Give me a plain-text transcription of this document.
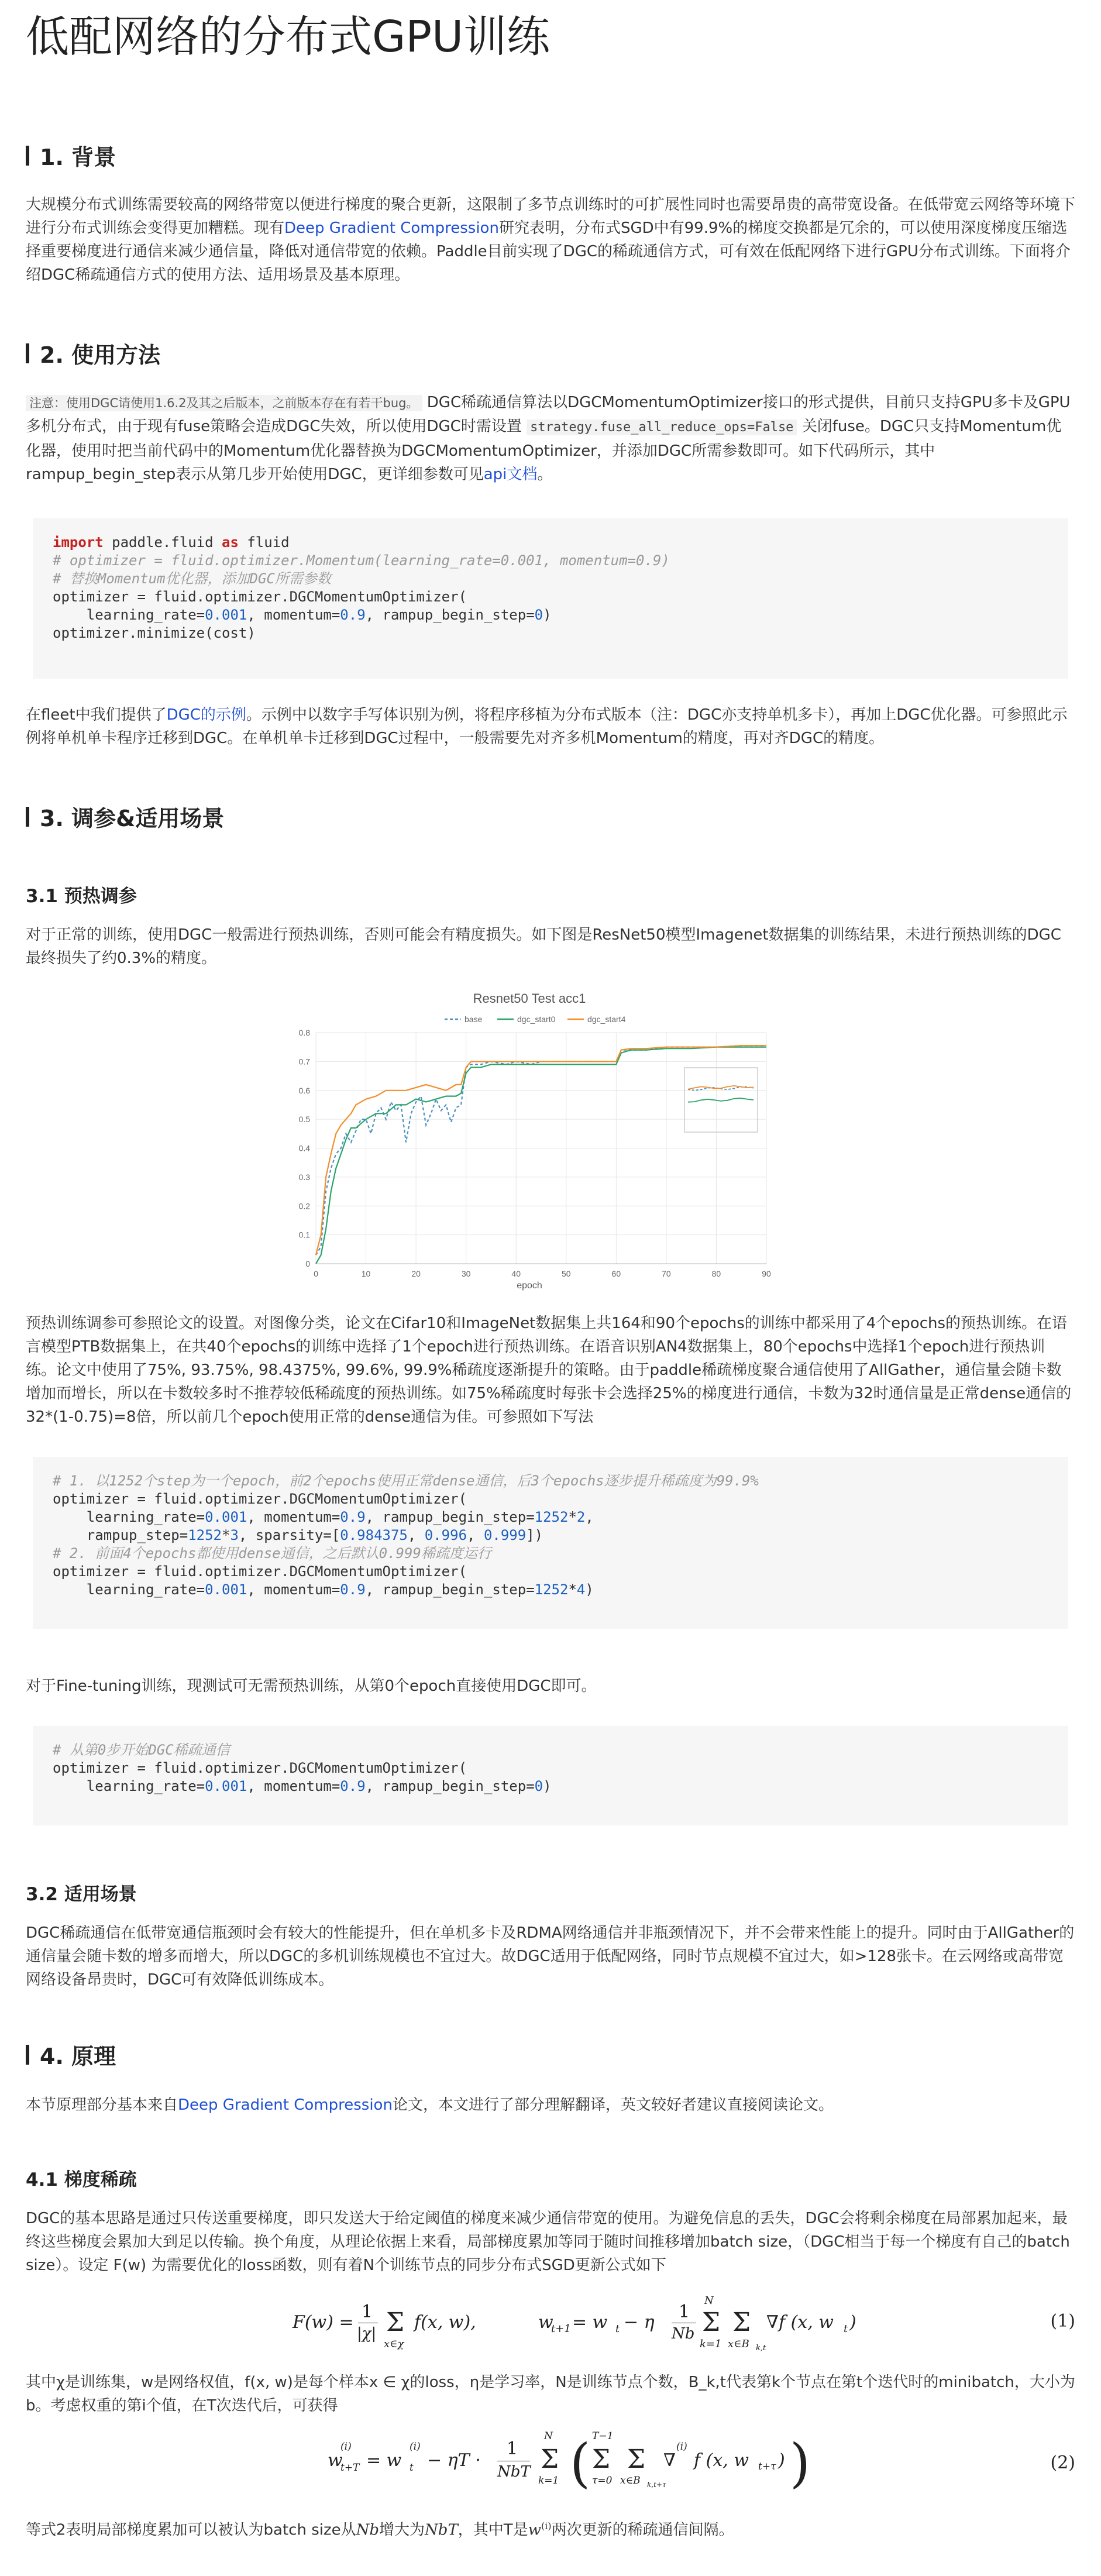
低配网络的分布式GPU训练
1. 背景

大规模分布式训练需要较高的网络带宽以便进行梯度的聚合更新，这限制了多节点训练时的可扩展性同时也需要昂贵的高带宽设备。在低带宽云网络等环境下进行分布式训练会变得更加糟糕。现有Deep Gradient Compression研究表明，分布式SGD中有99.9%的梯度交换都是冗余的，可以使用深度梯度压缩选择重要梯度进行通信来减少通信量，降低对通信带宽的依赖。Paddle目前实现了DGC的稀疏通信方式，可有效在低配网络下进行GPU分布式训练。下面将介绍DGC稀疏通信方式的使用方法、适用场景及基本原理。

2. 使用方法

注意：使用DGC请使用1.6.2及其之后版本，之前版本存在有若干bug。 DGC稀疏通信算法以DGCMomentumOptimizer接口的形式提供，目前只支持GPU多卡及GPU多机分布式，由于现有fuse策略会造成DGC失效，所以使用DGC时需设置 strategy.fuse_all_reduce_ops=False 关闭fuse。DGC只支持Momentum优化器，使用时把当前代码中的Momentum优化器替换为DGCMomentumOptimizer，并添加DGC所需参数即可。如下代码所示，其中rampup_begin_step表示从第几步开始使用DGC，更详细参数可见api文档。

import paddle.fluid as fluid
# optimizer = fluid.optimizer.Momentum(learning_rate=0.001, momentum=0.9)
# 替换Momentum优化器，添加DGC所需参数
optimizer = fluid.optimizer.DGCMomentumOptimizer(
learning_rate=0.001, momentum=0.9, rampup_begin_step=0)
optimizer.minimize(cost)

在fleet中我们提供了DGC的示例。示例中以数字手写体识别为例，将程序移植为分布式版本（注：DGC亦支持单机多卡），再加上DGC优化器。可参照此示例将单机单卡程序迁移到DGC。在单机单卡迁移到DGC过程中，一般需要先对齐多机Momentum的精度，再对齐DGC的精度。

3. 调参&适用场景
3.1 预热调参

对于正常的训练，使用DGC一般需进行预热训练，否则可能会有精度损失。如下图是ResNet50模型Imagenet数据集的训练结果，未进行预热训练的DGC最终损失了约0.3%的精度。

Resnet50 Test acc1
base	dgc_start0	dgc_start4
0
0.1
0.2
0.3
0.4
0.5
0.6
0.7
0.8
0	10	20	30	40	50	60	70	80	90
epoch

预热训练调参可参照论文的设置。对图像分类，论文在Cifar10和ImageNet数据集上共164和90个epochs的训练中都采用了4个epochs的预热训练。在语言模型PTB数据集上，在共40个epochs的训练中选择了1个epoch进行预热训练。在语音识别AN4数据集上，80个epochs中选择1个epoch进行预热训练。论文中使用了75%, 93.75%, 98.4375%, 99.6%, 99.9%稀疏度逐渐提升的策略。由于paddle稀疏梯度聚合通信使用了AllGather，通信量会随卡数增加而增长，所以在卡数较多时不推荐较低稀疏度的预热训练。如75%稀疏度时每张卡会选择25%的梯度进行通信，卡数为32时通信量是正常dense通信的32*(1-0.75)=8倍，所以前几个epoch使用正常的dense通信为佳。可参照如下写法

# 1. 以1252个step为一个epoch，前2个epochs使用正常dense通信，后3个epochs逐步提升稀疏度为99.9%
optimizer = fluid.optimizer.DGCMomentumOptimizer(
learning_rate=0.001, momentum=0.9, rampup_begin_step=1252*2,
rampup_step=1252*3, sparsity=[0.984375, 0.996, 0.999])
# 2. 前面4个epochs都使用dense通信，之后默认0.999稀疏度运行
optimizer = fluid.optimizer.DGCMomentumOptimizer(
learning_rate=0.001, momentum=0.9, rampup_begin_step=1252*4)

对于Fine-tuning训练，现测试可无需预热训练，从第0个epoch直接使用DGC即可。

# 从第0步开始DGC稀疏通信
optimizer = fluid.optimizer.DGCMomentumOptimizer(
learning_rate=0.001, momentum=0.9, rampup_begin_step=0)
3.2 适用场景

DGC稀疏通信在低带宽通信瓶颈时会有较大的性能提升，但在单机多卡及RDMA网络通信并非瓶颈情况下，并不会带来性能上的提升。同时由于AllGather的通信量会随卡数的增多而增大，所以DGC的多机训练规模也不宜过大。故DGC适用于低配网络，同时节点规模不宜过大，如>128张卡。在云网络或高带宽网络设备昂贵时，DGC可有效降低训练成本。

4. 原理

本节原理部分基本来自Deep Gradient Compression论文，本文进行了部分理解翻译，英文较好者建议直接阅读论文。

4.1 梯度稀疏

DGC的基本思路是通过只传送重要梯度，即只发送大于给定阈值的梯度来减少通信带宽的使用。为避免信息的丢失，DGC会将剩余梯度在局部累加起来，最终这些梯度会累加大到足以传输。换个角度，从理论依据上来看，局部梯度累加等同于随时间推移增加batch size，（DGC相当于每一个梯度有自己的batch size）。设定 F(w) 为需要优化的loss函数，则有着N个训练节点的同步分布式SGD更新公式如下

F(w) =
1
|χ| Σ
x∈χ
f(x, w),	w
t+1 = w t − η
1
Nb
N
Σ
k=1
Σ
x∈B k,t
∇f (x, w t )	(1)

其中χ是训练集，w是网络权值，f(x, w)是每个样本x ∈ χ的loss，η是学习率，N是训练节点个数，B_k,t代表第k个节点在第t个迭代时的minibatch，大小为b。考虑权重的第i个值，在T次迭代后，可获得

w
(i)
t+T = w
(i)
t − ηT ·
1
NbT
N
Σ
k=1 ( T−1
Σ
τ=0
Σ
x∈B k,t+τ
∇
(i)
f (x, w t+τ ) )	(2)

等式2表明局部梯度累加可以被认为batch size从Nb增大为NbT，其中T是$w^{(i)}$两次更新的稀疏通信间隔。
